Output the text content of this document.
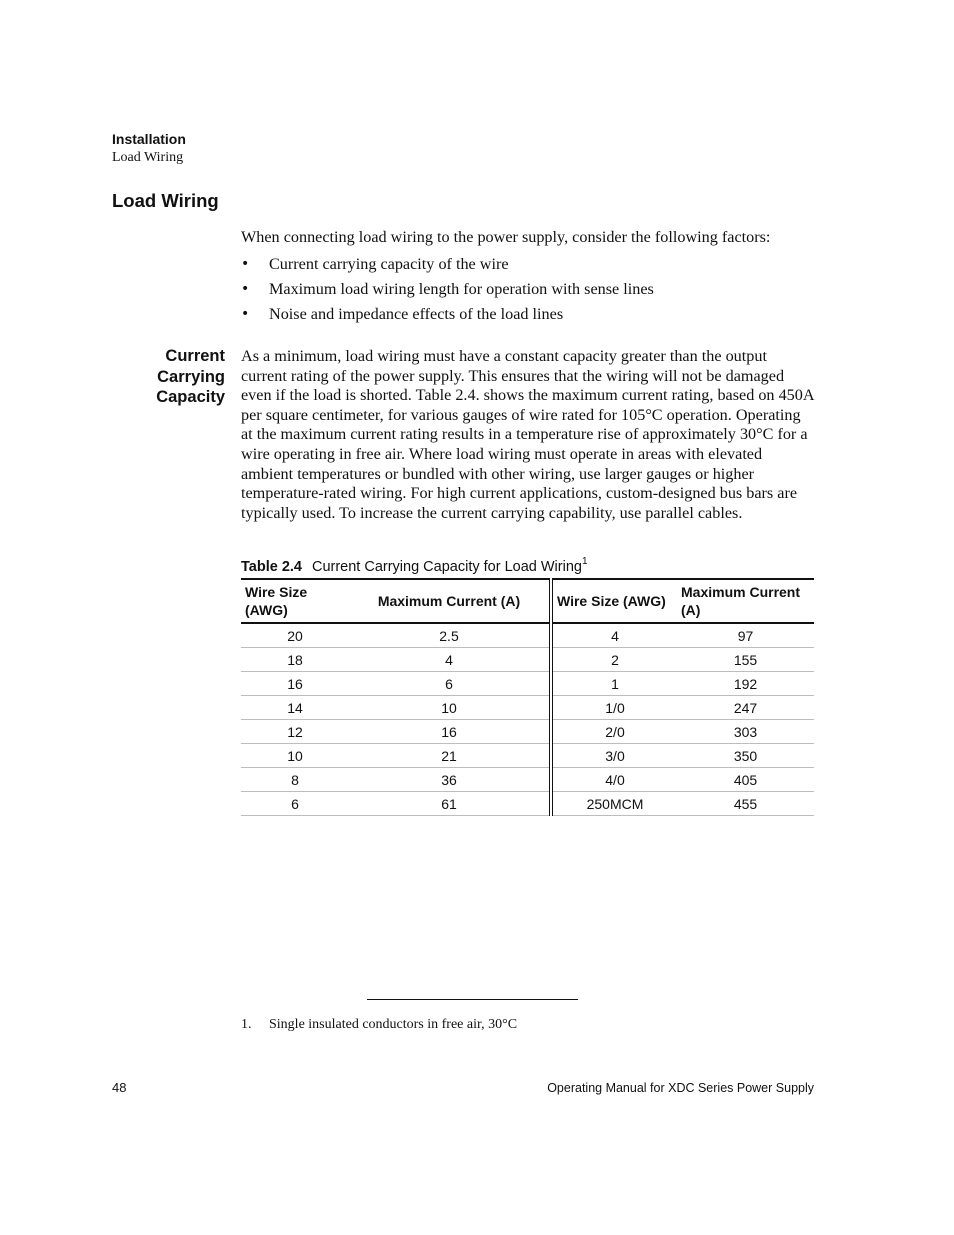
Installation
Load Wiring
Load Wiring
When connecting load wiring to the power supply, consider the following factors:
• Current carrying capacity of the wire
• Maximum load wiring length for operation with sense lines
• Noise and impedance effects of the load lines
Current
Carrying
Capacity
As a minimum, load wiring must have a constant capacity greater than the output current rating of the power supply. This ensures that the wiring will not be damaged even if the load is shorted. Table 2.4. shows the maximum current rating, based on 450A per square centimeter, for various gauges of wire rated for 105°C operation. Operating at the maximum current rating results in a temperature rise of approximately 30°C for a wire operating in free air. Where load wiring must operate in areas with elevated ambient temperatures or bundled with other wiring, use larger gauges or higher temperature-rated wiring. For high current applications, custom-designed bus bars are typically used. To increase the current carrying capability, use parallel cables.
Table 2.4 Current Carrying Capacity for Load Wiring$^1$
Wire Size (AWG)	Maximum Current (A)	Wire Size (AWG)	Maximum Current (A)
20	2.5	4	97
18	4	2	155
16	6	1	192
14	10	1/0	247
12	16	2/0	303
10	21	3/0	350
8	36	4/0	405
6	61	250MCM	455
1. Single insulated conductors in free air, 30°C
48	Operating Manual for XDC Series Power Supply
